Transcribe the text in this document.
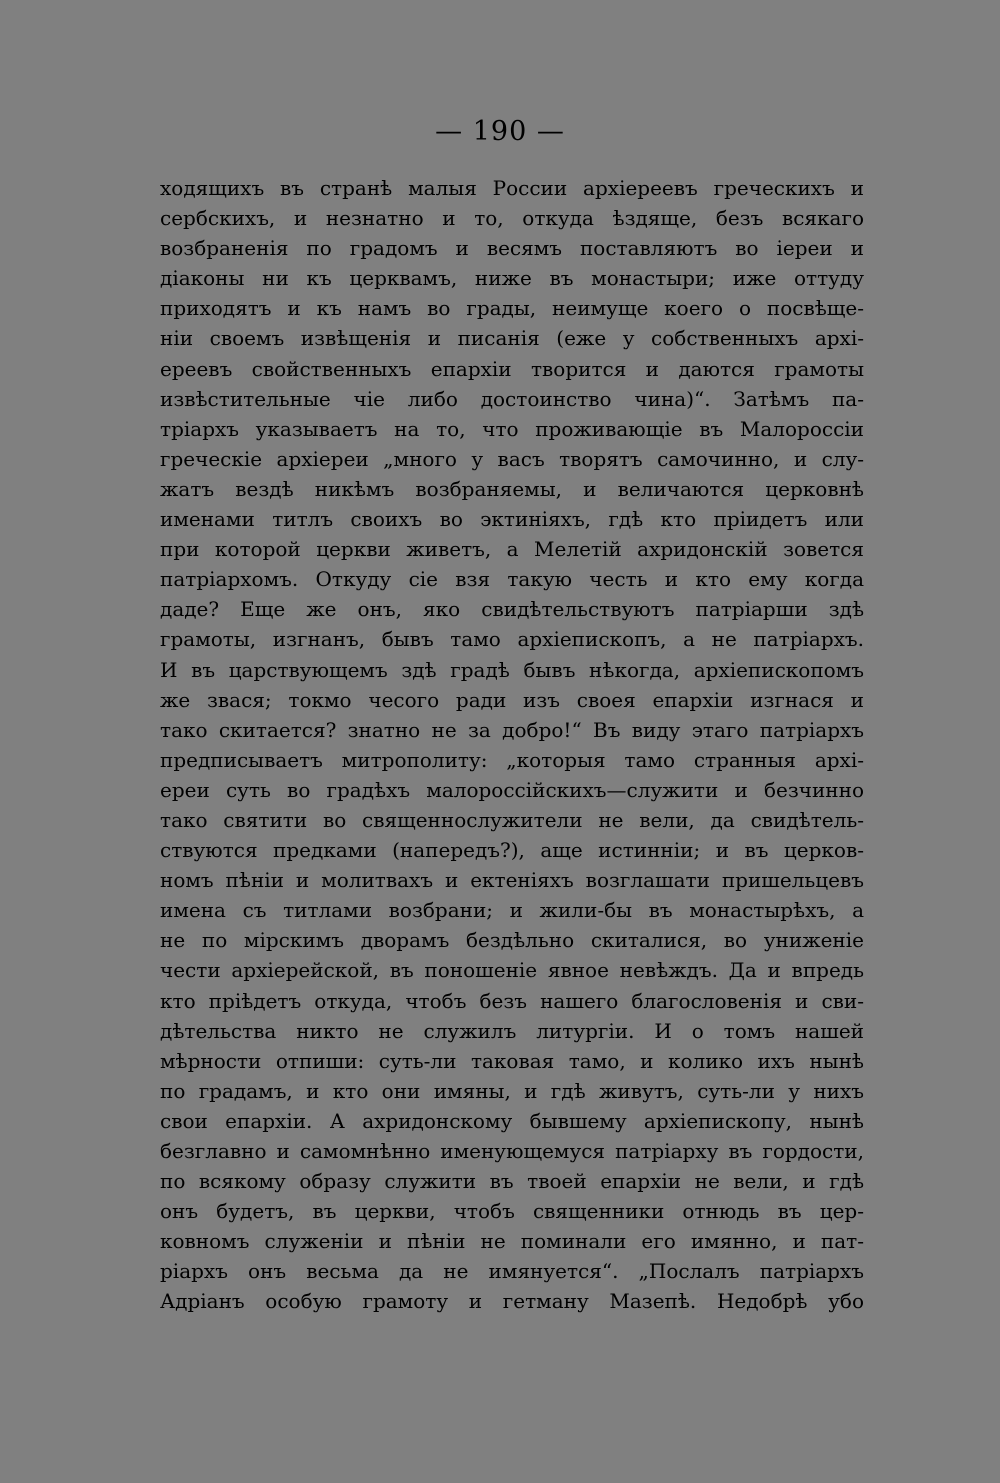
— 190 —
ходящихъ въ странѣ малыя России архіереевъ греческихъ и
сербскихъ, и незнатно и то, откуда ѣздяще, безъ всякаго
возбраненія по градомъ и весямъ поставляютъ во іереи и
діаконы ни къ церквамъ, ниже въ монастыри; иже оттуду
приходятъ и къ намъ во грады, неимуще коего о посвѣще-
ніи своемъ извѣщенія и писанія (еже у собственныхъ архі-
ереевъ свойственныхъ епархіи творится и даются грамоты
извѣстительные чіе либо достоинство чина)“. Затѣмъ па-
тріархъ указываетъ на то, что проживающіе въ Малороссіи
греческіе архіереи „много у васъ творятъ самочинно, и слу-
жатъ вездѣ никѣмъ возбраняемы, и величаются церковнѣ
именами титлъ своихъ во эктиніяхъ, гдѣ кто пріидетъ или
при которой церкви живетъ, а Мелетій ахридонскій зовется
патріархомъ. Откуду сіе взя такую честь и кто ему когда
даде? Еще же онъ, яко свидѣтельствуютъ патріарши здѣ
грамоты, изгнанъ, бывъ тамо архіепископъ, а не патріархъ.
И въ царствующемъ здѣ градѣ бывъ нѣкогда, архіепископомъ
же звася; токмо чесого ради изъ своея епархіи изгнася и
тако скитается? знатно не за добро!“ Въ виду этаго патріархъ
предписываетъ митрополиту: „которыя тамо странныя архі-
ереи суть во градѣхъ малороссійскихъ—служити и безчинно
тако святити во священнослужители не вели, да свидѣтель-
ствуются предками (напередъ?), аще истинніи; и въ церков-
номъ пѣніи и молитвахъ и ектеніяхъ возглашати пришельцевъ
имена съ титлами возбрани; и жили-бы въ монастырѣхъ, а
не по мірскимъ дворамъ бездѣльно скиталися, во униженіе
чести архіерейской, въ поношеніе явное невѣждъ. Да и впредь
кто пріѣдетъ откуда, чтобъ безъ нашего благословенія и сви-
дѣтельства никто не служилъ литургіи. И о томъ нашей
мѣрности отпиши: суть-ли таковая тамо, и колико ихъ нынѣ
по градамъ, и кто они имяны, и гдѣ живутъ, суть-ли у нихъ
свои епархіи. А ахридонскому бывшему архіепископу, нынѣ
безглавно и самомнѣнно именующемуся патріарху въ гордости,
по всякому образу служити въ твоей епархіи не вели, и гдѣ
онъ будетъ, въ церкви, чтобъ священники отнюдь въ цер-
ковномъ служеніи и пѣніи не поминали его имянно, и пат-
ріархъ онъ весьма да не имянуется“. „Послалъ патріархъ
Адріанъ особую грамоту и гетману Мазепѣ. Недобрѣ убо
